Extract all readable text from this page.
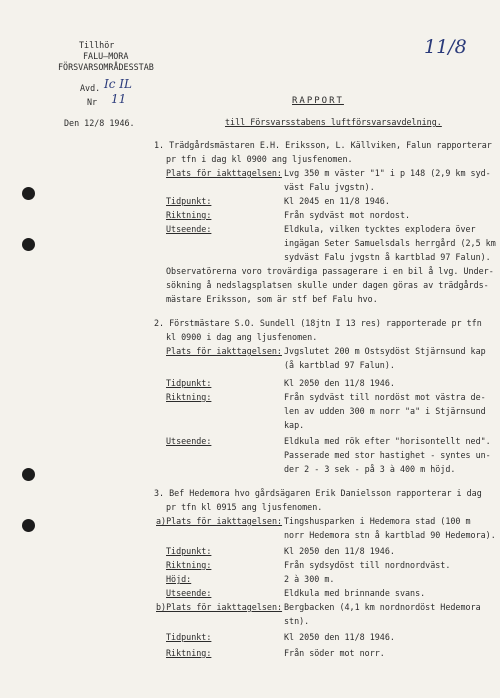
Tillhör
FALU—MORA
FÖRSVARSOMRÅDESSTAB
Avd. Ic IL
Nr 11
Den 12/8 1946.
11/8
RAPPORT
till Försvarsstabens luftförsvarsavdelning.
1. Trädgårdsmästaren E.H. Eriksson, L. Källviken, Falun rapporterar
pr tfn i dag kl 0900 ang ljusfenomen.
Plats för iakttagelsen: Lvg 350 m väster "1" i p 148 (2,9 km syd-
väst Falu jvgstn).
Tidpunkt:	Kl 2045 en 11/8 1946.
Riktning:	Från sydväst mot nordost.
Utseende:	Eldkula, vilken tycktes explodera över
ingägan Seter Samuelsdals herrgård (2,5 km
sydväst Falu jvgstn å kartblad 97 Falun).
Observatörerna voro trovärdiga passagerare i en bil å lvg. Under-
sökning å nedslagsplatsen skulle under dagen göras av trädgårds-
mästare Eriksson, som är stf bef Falu hvo.
2. Förstmästare S.O. Sundell (18jtn I 13 res) rapporterade pr tfn
kl 0900 i dag ang ljusfenomen.
Plats för iakttagelsen: Jvgslutet 200 m Ostsydöst Stjärnsund kap
(å kartblad 97 Falun).
Tidpunkt:	Kl 2050 den 11/8 1946.
Riktning:	Från sydväst till nordöst mot västra de-
len av udden 300 m norr "a" i Stjärnsund
kap.
Utseende:	Eldkula med rök efter "horisontellt ned".
Passerade med stor hastighet - syntes un-
der 2 - 3 sek - på 3 à 400 m höjd.
3. Bef Hedemora hvo gårdsägaren Erik Danielsson rapporterar i dag
pr tfn kl 0915 ang ljusfenomen.
a)Plats för iakttagelsen: Tingshusparken i Hedemora stad (100 m
norr Hedemora stn å kartblad 90 Hedemora).
Tidpunkt:	Kl 2050 den 11/8 1946.
Riktning:	Från sydsydöst till nordnordväst.
Höjd:	2 à 300 m.
Utseende:	Eldkula med brinnande svans.
b)Plats för iakttagelsen: Bergbacken (4,1 km nordnordöst Hedemora
stn).
Tidpunkt:	Kl 2050 den 11/8 1946.
Riktning:	Från söder mot norr.
